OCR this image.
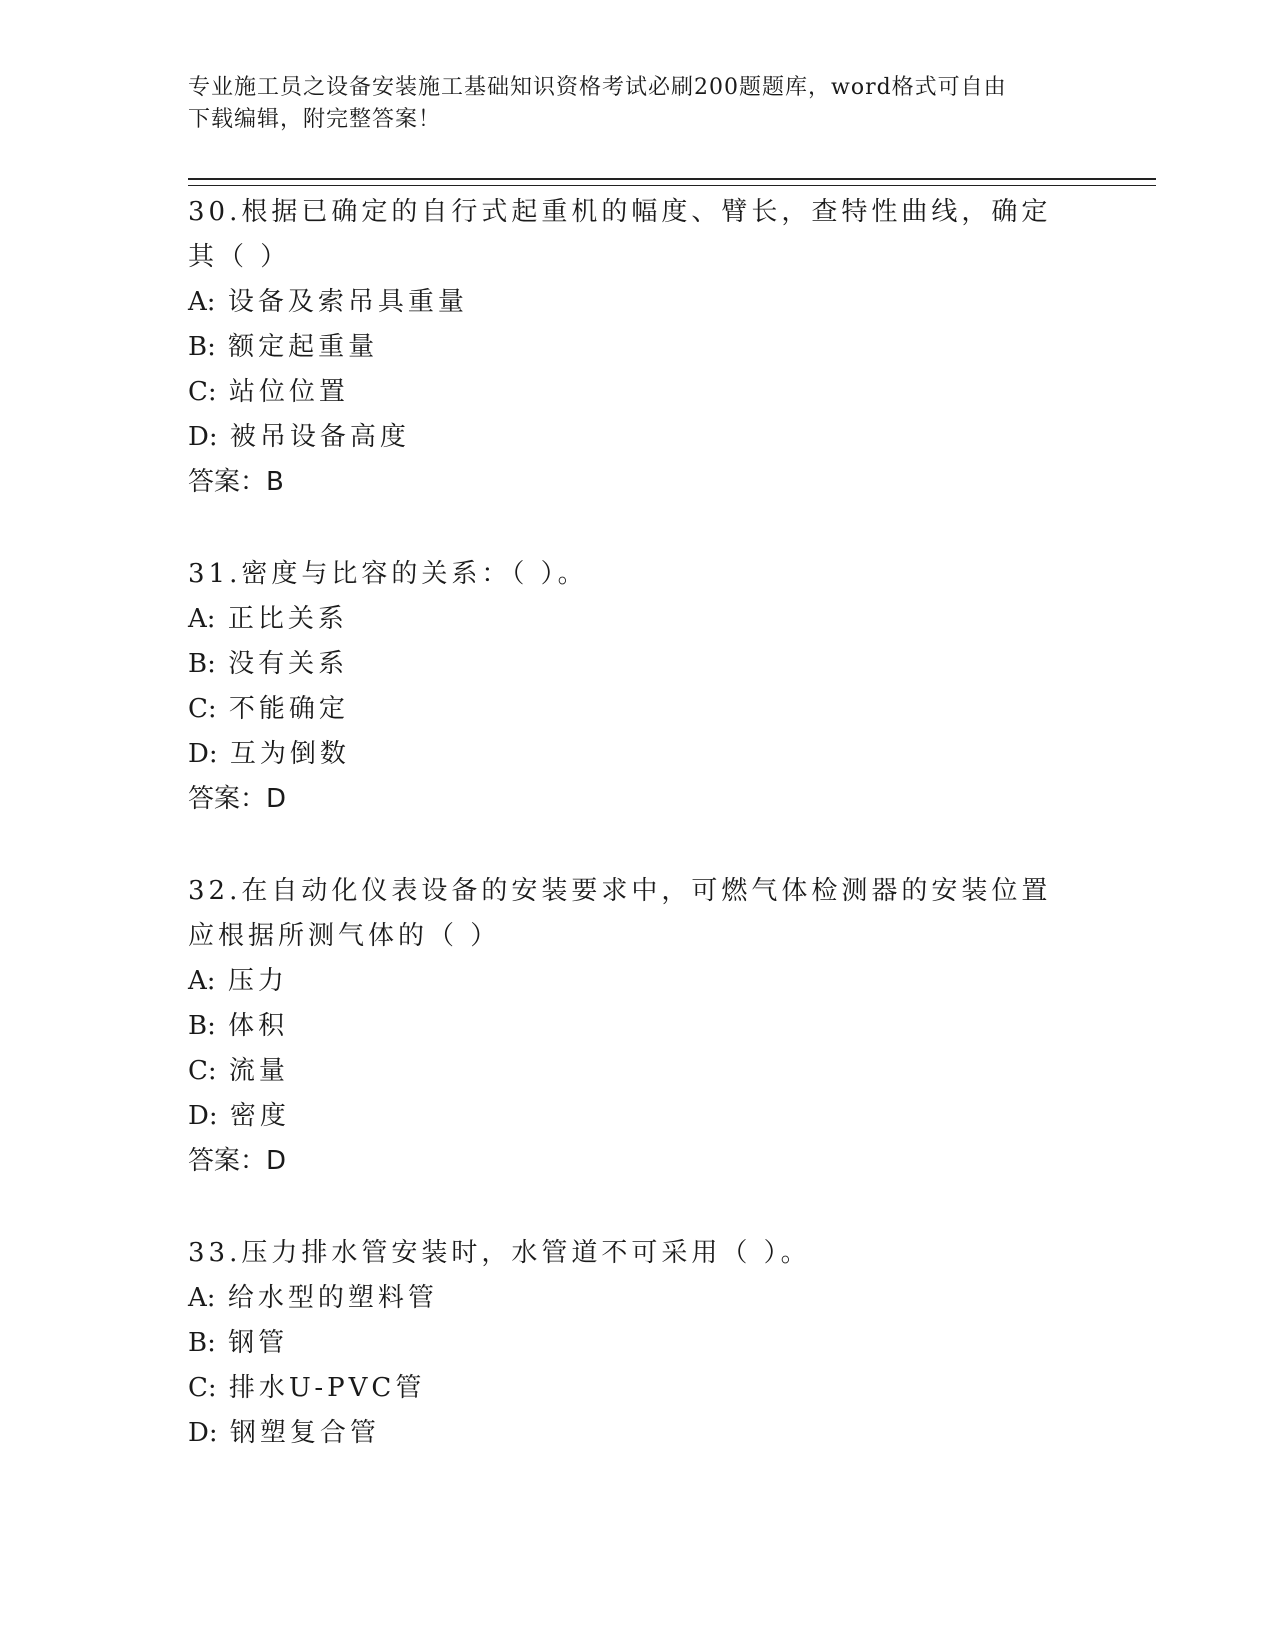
专业施工员之设备安装施工基础知识资格考试必刷200题题库，word格式可自由
下载编辑，附完整答案！
30.根据已确定的自行式起重机的幅度、臂长，查特性曲线，确定其（ ）
A: 设备及索吊具重量
B: 额定起重量
C: 站位位置
D: 被吊设备高度
答案：B
31.密度与比容的关系：（ ）。
A: 正比关系
B: 没有关系
C: 不能确定
D: 互为倒数
答案：D
32.在自动化仪表设备的安装要求中，可燃气体检测器的安装位置应根据所测气体的（ ）
A: 压力
B: 体积
C: 流量
D: 密度
答案：D
33.压力排水管安装时，水管道不可采用（ ）。
A: 给水型的塑料管
B: 钢管
C: 排水U-PVC管
D: 钢塑复合管
